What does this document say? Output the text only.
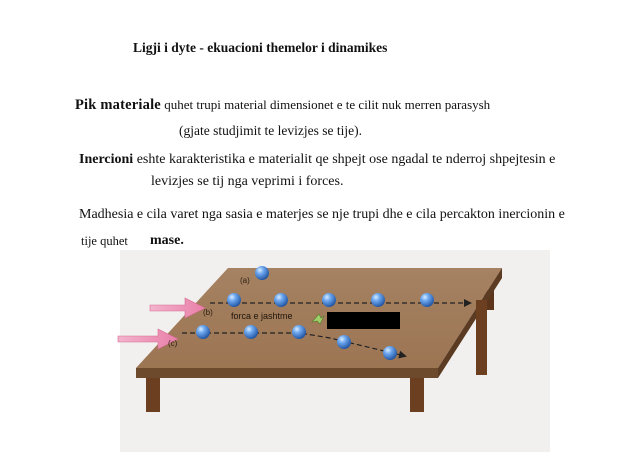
Ligji i dyte - ekuacioni themelor i dinamikes
Pik materiale quhet trupi material dimensionet e te cilit nuk merren parasysh
(gjate studjimit te levizjes se tije).
Inercioni eshte karakteristika e materialit qe shpejt ose ngadal te nderroj shpejtesin e
levizjes se tij nga veprimi i forces.
Madhesia e cila varet nga sasia e materjes se nje trupi dhe e cila percakton inercionin e
tije quhet mase.
(a)
(b)
(c)
forca e jashtme
